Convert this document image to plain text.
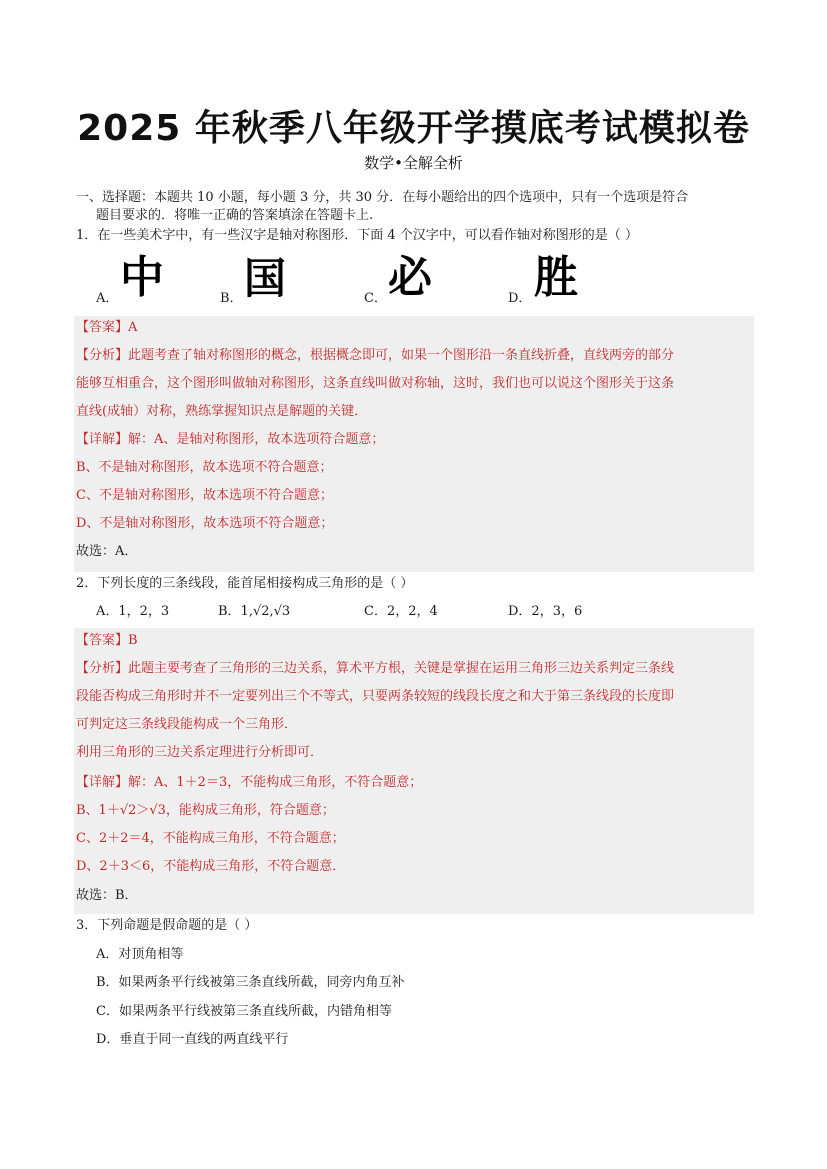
2025 年秋季八年级开学摸底考试模拟卷
数学•全解全析
一、选择题：本题共 10 小题，每小题 3 分，共 30 分．在每小题给出的四个选项中，只有一个选项是符合
题目要求的．将唯一正确的答案填涂在答题卡上.
1．在一些美术字中，有一些汉字是轴对称图形．下面 4 个汉字中，可以看作轴对称图形的是（ ）
A． 中	B． 国	C． 必	D． 胜
【答案】A
【分析】此题考查了轴对称图形的概念，根据概念即可，如果一个图形沿一条直线折叠，直线两旁的部分
能够互相重合，这个图形叫做轴对称图形，这条直线叫做对称轴，这时，我们也可以说这个图形关于这条
直线(成轴）对称，熟练掌握知识点是解题的关键．
【详解】解：A、是轴对称图形，故本选项符合题意；
B、不是轴对称图形，故本选项不符合题意；
C、不是轴对称图形，故本选项不符合题意；
D、不是轴对称图形，故本选项不符合题意；
故选：A．
2．下列长度的三条线段，能首尾相接构成三角形的是（ ）
A．1，2，3	B．1,√2,√3	C．2，2，4	D．2，3，6
【答案】B
【分析】此题主要考查了三角形的三边关系，算术平方根，关键是掌握在运用三角形三边关系判定三条线
段能否构成三角形时并不一定要列出三个不等式，只要两条较短的线段长度之和大于第三条线段的长度即
可判定这三条线段能构成一个三角形．
利用三角形的三边关系定理进行分析即可．
【详解】解：A、1＋2＝3，不能构成三角形，不符合题意；
B、1＋√2＞√3，能构成三角形，符合题意；
C、2＋2＝4，不能构成三角形，不符合题意；
D、2＋3＜6，不能构成三角形，不符合题意．
故选：B．
3．下列命题是假命题的是（ ）
A．对顶角相等
B．如果两条平行线被第三条直线所截，同旁内角互补
C．如果两条平行线被第三条直线所截，内错角相等
D．垂直于同一直线的两直线平行
